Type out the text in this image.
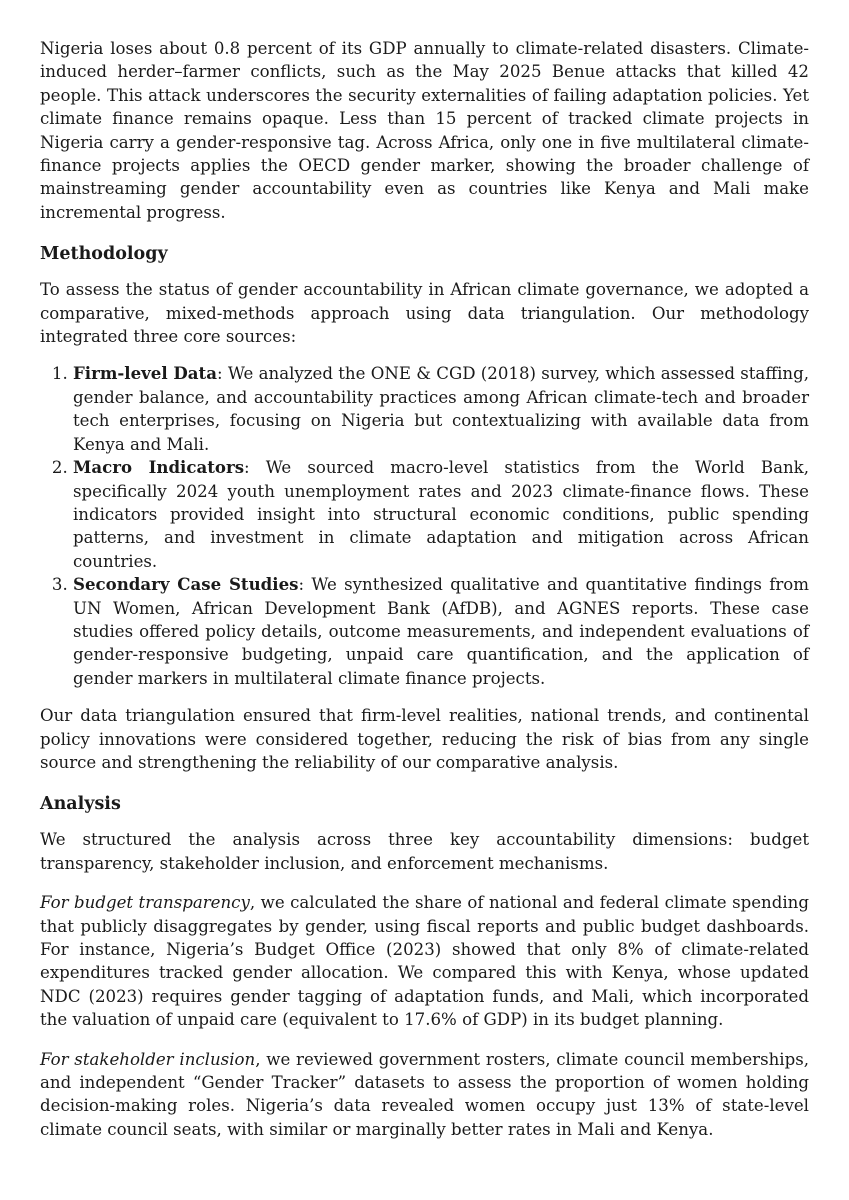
Nigeria loses about 0.8 percent of its GDP annually to climate-related disasters. Climate-induced herder–farmer conflicts, such as the May 2025 Benue attacks that killed 42 people. This attack underscores the security externalities of failing adaptation policies. Yet climate finance remains opaque. Less than 15 percent of tracked climate projects in Nigeria carry a gender-responsive tag. Across Africa, only one in five multilateral climate-finance projects applies the OECD gender marker, showing the broader challenge of mainstreaming gender accountability even as countries like Kenya and Mali make incremental progress.

Methodology

To assess the status of gender accountability in African climate governance, we adopted a comparative, mixed-methods approach using data triangulation. Our methodology integrated three core sources:

1. Firm-level Data: We analyzed the ONE & CGD (2018) survey, which assessed staffing, gender balance, and accountability practices among African climate-tech and broader tech enterprises, focusing on Nigeria but contextualizing with available data from Kenya and Mali.
2. Macro Indicators: We sourced macro-level statistics from the World Bank, specifically 2024 youth unemployment rates and 2023 climate-finance flows. These indicators provided insight into structural economic conditions, public spending patterns, and investment in climate adaptation and mitigation across African countries.
3. Secondary Case Studies: We synthesized qualitative and quantitative findings from UN Women, African Development Bank (AfDB), and AGNES reports. These case studies offered policy details, outcome measurements, and independent evaluations of gender-responsive budgeting, unpaid care quantification, and the application of gender markers in multilateral climate finance projects.

Our data triangulation ensured that firm-level realities, national trends, and continental policy innovations were considered together, reducing the risk of bias from any single source and strengthening the reliability of our comparative analysis.

Analysis

We structured the analysis across three key accountability dimensions: budget transparency, stakeholder inclusion, and enforcement mechanisms.

For budget transparency, we calculated the share of national and federal climate spending that publicly disaggregates by gender, using fiscal reports and public budget dashboards. For instance, Nigeria’s Budget Office (2023) showed that only 8% of climate-related expenditures tracked gender allocation. We compared this with Kenya, whose updated NDC (2023) requires gender tagging of adaptation funds, and Mali, which incorporated the valuation of unpaid care (equivalent to 17.6% of GDP) in its budget planning.

For stakeholder inclusion, we reviewed government rosters, climate council memberships, and independent “Gender Tracker” datasets to assess the proportion of women holding decision-making roles. Nigeria’s data revealed women occupy just 13% of state-level climate council seats, with similar or marginally better rates in Mali and Kenya.
